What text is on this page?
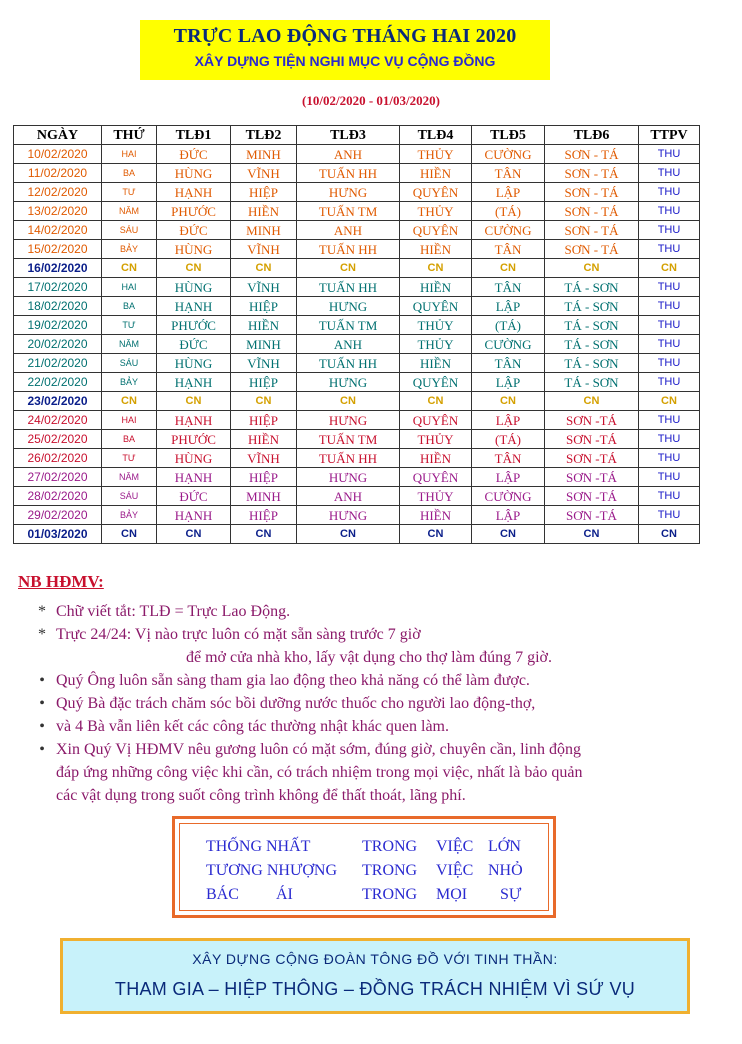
TRỰC LAO ĐỘNG THÁNG HAI 2020
XÂY DỰNG TIỆN NGHI MỤC VỤ CỘNG ĐỒNG
(10/02/2020 - 01/03/2020)
NGÀY	THỨ	TLĐ1	TLĐ2	TLĐ3	TLĐ4	TLĐ5	TLĐ6	TTPV
10/02/2020	HAI	ĐỨC	MINH	ANH	THỦY	CƯỜNG	SƠN - TÁ	THU
11/02/2020	BA	HÙNG	VĨNH	TUẤN HH	HIỀN	TÂN	SƠN - TÁ	THU
12/02/2020	TƯ	HẠNH	HIỆP	HƯNG	QUYÊN	LẬP	SƠN - TÁ	THU
13/02/2020	NĂM	PHƯỚC	HIỀN	TUẤN TM	THỦY	(TÁ)	SƠN - TÁ	THU
14/02/2020	SÁU	ĐỨC	MINH	ANH	QUYÊN	CƯỜNG	SƠN - TÁ	THU
15/02/2020	BẢY	HÙNG	VĨNH	TUẤN HH	HIỀN	TÂN	SƠN - TÁ	THU
16/02/2020	CN	CN	CN	CN	CN	CN	CN	CN
17/02/2020	HAI	HÙNG	VĨNH	TUẤN HH	HIỀN	TÂN	TÁ - SƠN	THU
18/02/2020	BA	HẠNH	HIỆP	HƯNG	QUYÊN	LẬP	TÁ - SƠN	THU
19/02/2020	TƯ	PHƯỚC	HIỀN	TUẤN TM	THỦY	(TÁ)	TÁ - SƠN	THU
20/02/2020	NĂM	ĐỨC	MINH	ANH	THỦY	CƯỜNG	TÁ - SƠN	THU
21/02/2020	SÁU	HÙNG	VĨNH	TUẤN HH	HIỀN	TÂN	TÁ - SƠN	THU
22/02/2020	BẢY	HẠNH	HIỆP	HƯNG	QUYÊN	LẬP	TÁ - SƠN	THU
23/02/2020	CN	CN	CN	CN	CN	CN	CN	CN
24/02/2020	HAI	HẠNH	HIỆP	HƯNG	QUYÊN	LẬP	SƠN -TÁ	THU
25/02/2020	BA	PHƯỚC	HIỀN	TUẤN TM	THỦY	(TÁ)	SƠN -TÁ	THU
26/02/2020	TƯ	HÙNG	VĨNH	TUẤN HH	HIỀN	TÂN	SƠN -TÁ	THU
27/02/2020	NĂM	HẠNH	HIỆP	HƯNG	QUYÊN	LẬP	SƠN -TÁ	THU
28/02/2020	SÁU	ĐỨC	MINH	ANH	THỦY	CƯỜNG	SƠN -TÁ	THU
29/02/2020	BẢY	HẠNH	HIỆP	HƯNG	HIỀN	LẬP	SƠN -TÁ	THU
01/03/2020	CN	CN	CN	CN	CN	CN	CN	CN
NB HĐMV:
* Chữ viết tắt: TLĐ = Trực Lao Động.
* Trực 24/24: Vị nào trực luôn có mặt sẵn sàng trước 7 giờ
để mở cửa nhà kho, lấy vật dụng cho thợ làm đúng 7 giờ.
• Quý Ông luôn sẵn sàng tham gia lao động theo khả năng có thể làm được.
• Quý Bà đặc trách chăm sóc bồi dưỡng nước thuốc cho người lao động-thợ,
• và 4 Bà vẫn liên kết các công tác thường nhật khác quen làm.
• Xin Quý Vị HĐMV nêu gương luôn có mặt sớm, đúng giờ, chuyên cần, linh động
đáp ứng những công việc khi cần, có trách nhiệm trong mọi việc, nhất là bảo quản
các vật dụng trong suốt công trình không để thất thoát, lãng phí.
THỐNG NHẤT	TRONG VIỆC LỚN
TƯƠNG NHƯỢNG TRONG VIỆC NHỎ
BÁC ÁI	TRONG MỌI SỰ
XÂY DỰNG CỘNG ĐOÀN TÔNG ĐỒ VỚI TINH THẦN:
THAM GIA – HIỆP THÔNG – ĐỒNG TRÁCH NHIỆM VÌ SỨ VỤ
